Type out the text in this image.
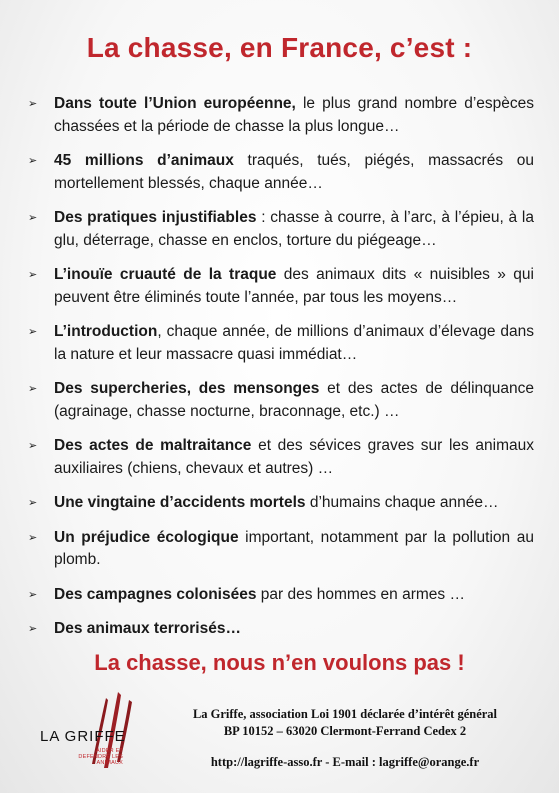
La chasse, en France, c’est :
➢ Dans toute l’Union européenne, le plus grand nombre d’espèces chassées et la période de chasse la plus longue…
➢ 45 millions d’animaux traqués, tués, piégés, massacrés ou mortellement blessés, chaque année…
➢ Des pratiques injustifiables : chasse à courre, à l’arc, à l’épieu, à la glu, déterrage, chasse en enclos, torture du piégeage…
➢ L’inouïe cruauté de la traque des animaux dits « nuisibles » qui peuvent être éliminés toute l’année, par tous les moyens…
➢ L’introduction, chaque année, de millions d’animaux d’élevage dans la nature et leur massacre quasi immédiat…
➢ Des supercheries, des mensonges et des actes de délinquance (agrainage, chasse nocturne, braconnage, etc.) …
➢ Des actes de maltraitance et des sévices graves sur les animaux auxiliaires (chiens, chevaux et autres) …
➢ Une vingtaine d’accidents mortels d’humains chaque année…
➢ Un préjudice écologique important, notamment par la pollution au plomb.
➢ Des campagnes colonisées par des hommes en armes …
➢ Des animaux terrorisés…
La chasse, nous n’en voulons pas !
LA GRIFFE
AIDER ET DEFENDRE LES ANIMAUX
La Griffe, association Loi 1901 déclarée d’intérêt général
BP 10152 – 63020 Clermont-Ferrand Cedex 2
http://lagriffe-asso.fr - E-mail : lagriffe@orange.fr
